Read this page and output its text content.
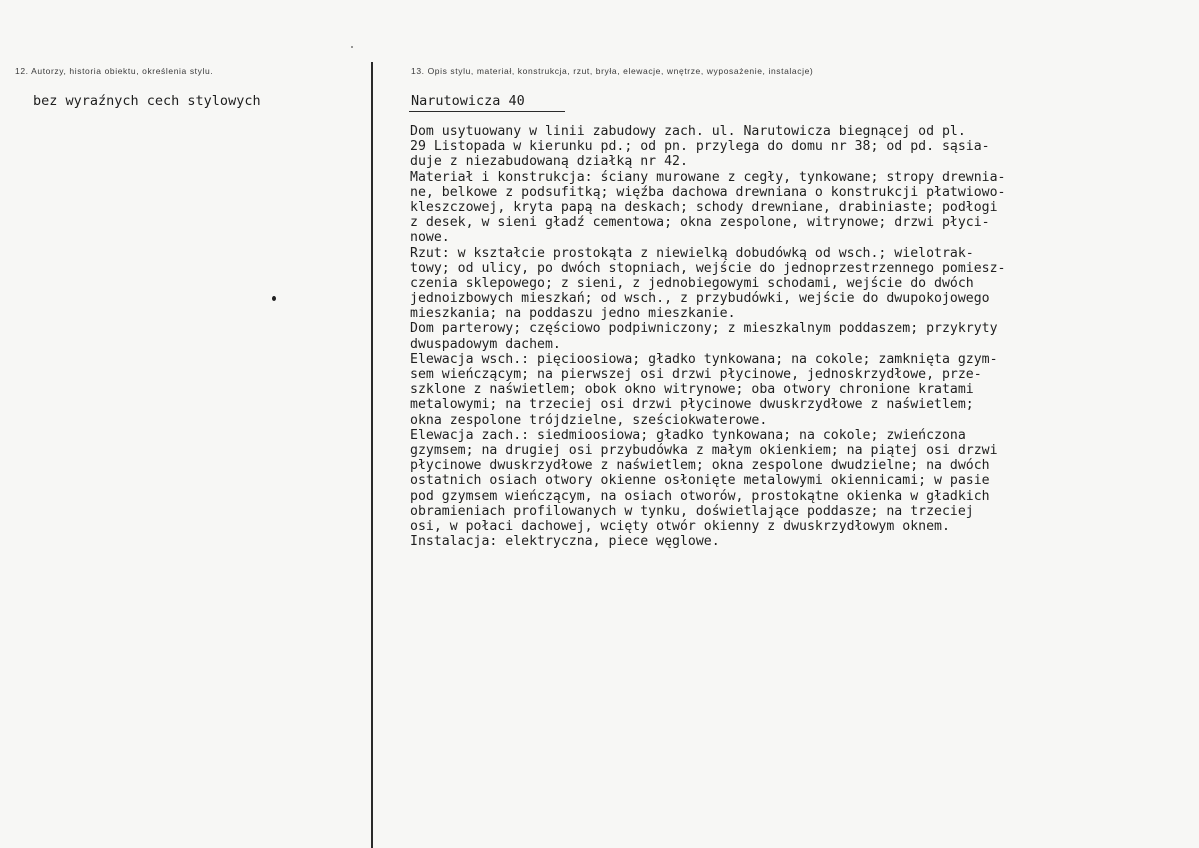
12. Autorzy, historia obiektu, określenia stylu.	13. Opis stylu, materiał, konstrukcja, rzut, bryła, elewacje, wnętrze, wyposażenie, instalacje)
bez wyraźnych cech stylowych	Narutowicza 40
Dom usytuowany w linii zabudowy zach. ul. Narutowicza biegnącej od pl.
29 Listopada w kierunku pd.; od pn. przylega do domu nr 38; od pd. sąsia-
duje z niezabudowaną działką nr 42.
Materiał i konstrukcja: ściany murowane z cegły, tynkowane; stropy drewnia-
ne, belkowe z podsufitką; więźba dachowa drewniana o konstrukcji płatwiowo-
kleszczowej, kryta papą na deskach; schody drewniane, drabiniaste; podłogi
z desek, w sieni gładź cementowa; okna zespolone, witrynowe; drzwi płyci-
nowe.
Rzut: w kształcie prostokąta z niewielką dobudówką od wsch.; wielotrak-
towy; od ulicy, po dwóch stopniach, wejście do jednoprzestrzennego pomiesz-
czenia sklepowego; z sieni, z jednobiegowymi schodami, wejście do dwóch
jednoizbowych mieszkań; od wsch., z przybudówki, wejście do dwupokojowego
mieszkania; na poddaszu jedno mieszkanie.
Dom parterowy; częściowo podpiwniczony; z mieszkalnym poddaszem; przykryty
dwuspadowym dachem.
Elewacja wsch.: pięcioosiowa; gładko tynkowana; na cokole; zamknięta gzym-
sem wieńczącym; na pierwszej osi drzwi płycinowe, jednoskrzydłowe, prze-
szklone z naświetlem; obok okno witrynowe; oba otwory chronione kratami
metalowymi; na trzeciej osi drzwi płycinowe dwuskrzydłowe z naświetlem;
okna zespolone trójdzielne, sześciokwaterowe.
Elewacja zach.: siedmioosiowa; gładko tynkowana; na cokole; zwieńczona
gzymsem; na drugiej osi przybudówka z małym okienkiem; na piątej osi drzwi
płycinowe dwuskrzydłowe z naświetlem; okna zespolone dwudzielne; na dwóch
ostatnich osiach otwory okienne osłonięte metalowymi okiennicami; w pasie
pod gzymsem wieńczącym, na osiach otworów, prostokątne okienka w gładkich
obramieniach profilowanych w tynku, doświetlające poddasze; na trzeciej
osi, w połaci dachowej, wcięty otwór okienny z dwuskrzydłowym oknem.
Instalacja: elektryczna, piece węglowe.
